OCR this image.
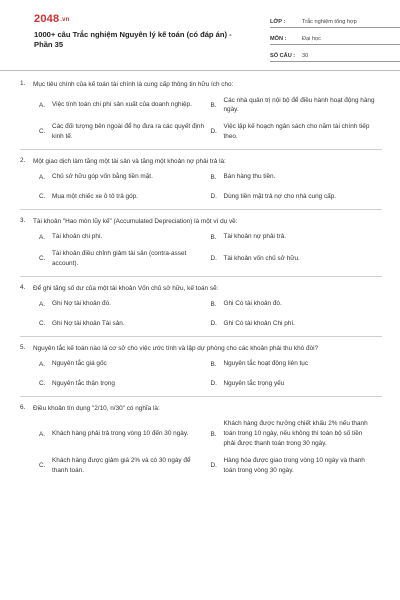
2048.vn
1000+ câu Trắc nghiệm Nguyên lý kế toán (có đáp án) - Phần 35
LỚP :	Trắc nghiệm tổng hợp
MÔN :	Đại học
SỐ CÂU :	30
1. Mục tiêu chính của kế toán tài chính là cung cấp thông tin hữu ích cho:
A.	Việc tính toán chi phí sản xuất của doanh nghiệp.	B.
Các nhà quản trị nội bộ để điều hành hoạt động hàng ngày.
C.
Các đối tượng bên ngoài để họ đưa ra các quyết định kinh tế.
D.
Việc lập kế hoạch ngân sách cho năm tài chính tiếp theo.
2. Một giao dịch làm tăng một tài sản và tăng một khoản nợ phải trả là:
A.	Chủ sở hữu góp vốn bằng tiền mặt.	B.	Bán hàng thu tiền.
C.	Mua một chiếc xe ô tô trả góp.	D.	Dùng tiền mặt trả nợ cho nhà cung cấp.
3. Tài khoản "Hao mòn lũy kế" (Accumulated Depreciation) là một ví dụ về:
A.	Tài khoản chi phí.	B.	Tài khoản nợ phải trả.
C.
Tài khoản điều chỉnh giảm tài sản (contra-asset account).
D.	Tài khoản vốn chủ sở hữu.
4. Để ghi tăng số dư của một tài khoản Vốn chủ sở hữu, kế toán sẽ:
A.	Ghi Nợ tài khoản đó.	B.	Ghi Có tài khoản đó.
C.	Ghi Nợ tài khoản Tài sản.	D.	Ghi Có tài khoản Chi phí.
5. Nguyên tắc kế toán nào là cơ sở cho việc ước tính và lập dự phòng cho các khoản phải thu khó đòi?
A.	Nguyên tắc giá gốc	B.	Nguyên tắc hoạt động liên tục
C.	Nguyên tắc thận trọng	D.	Nguyên tắc trọng yếu
6. Điều khoản tín dụng "2/10, n/30" có nghĩa là:
A.	Khách hàng phải trả trong vòng 10 đến 30 ngày.	B.
Khách hàng được hưởng chiết khấu 2% nếu thanh toán trong 10 ngày, nếu không thì toàn bộ số tiền phải được thanh toán trong 30 ngày.
C.
Khách hàng được giảm giá 2% và có 30 ngày để thanh toán.
D.
Hàng hóa được giao trong vòng 10 ngày và thanh toán trong vòng 30 ngày.
